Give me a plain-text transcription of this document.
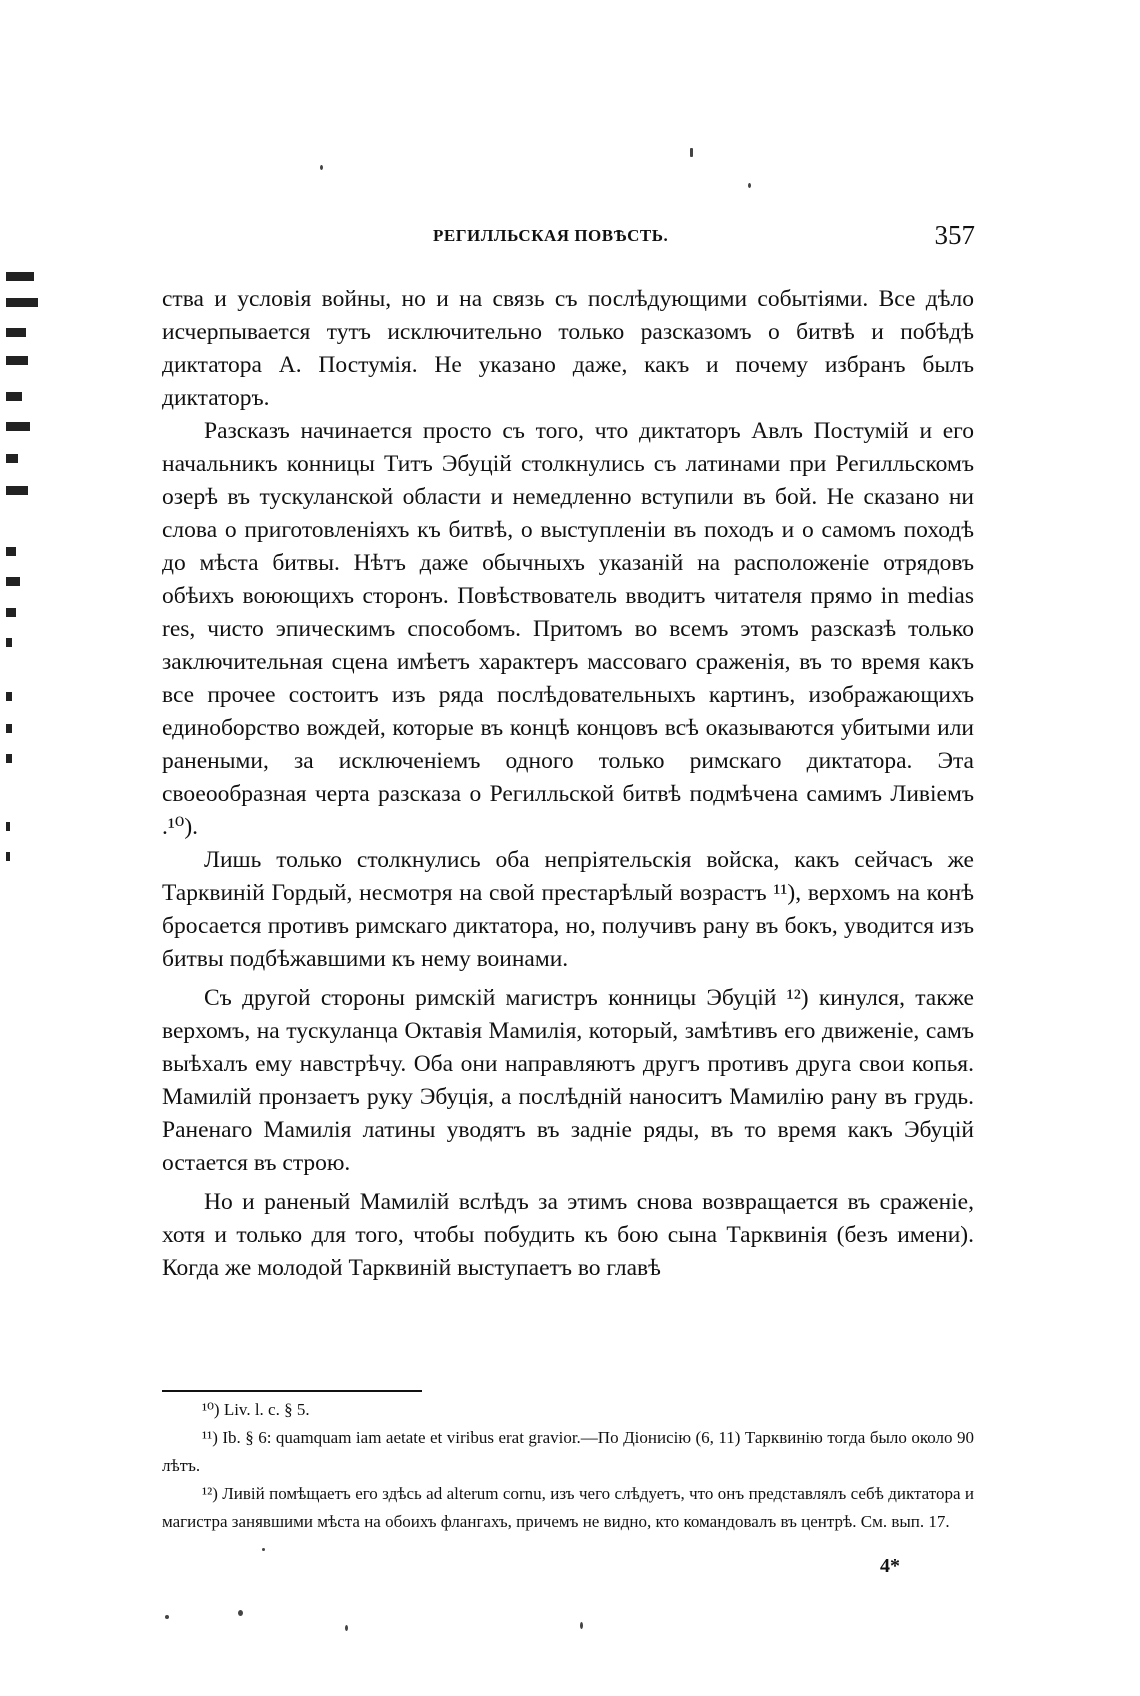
РЕГИЛЛЬСКАЯ ПОВѢСТЬ.	357

ства и условія войны, но и на связь съ послѣдующими событіями. Все дѣло исчерпывается тутъ исключительно только разсказомъ о битвѣ и побѣдѣ диктатора А. Постумія. Не указано даже, какъ и почему избранъ былъ диктаторъ.

Разсказъ начинается просто съ того, что диктаторъ Авлъ Постумій и его начальникъ конницы Титъ Эбуцій столкнулись съ латинами при Регилльскомъ озерѣ въ тускуланской области и немедленно вступили въ бой. Не сказано ни слова о приготовленіяхъ къ битвѣ, о выступленіи въ походъ и о самомъ походѣ до мѣста битвы. Нѣтъ даже обычныхъ указаній на расположеніе отрядовъ обѣихъ воюющихъ сторонъ. Повѣствователь вводитъ читателя прямо in medias res, чисто эпическимъ способомъ. Притомъ во всемъ этомъ разсказѣ только заключительная сцена имѣетъ характеръ массоваго сраженія, въ то время какъ все прочее состоитъ изъ ряда послѣдовательныхъ картинъ, изображающихъ единоборство вождей, которые въ концѣ концовъ всѣ оказываются убитыми или ранеными, за исключеніемъ одного только римскаго диктатора. Эта своеообразная черта разсказа о Регилльской битвѣ подмѣчена самимъ Ливіемъ .¹⁰).

Лишь только столкнулись оба непріятельскія войска, какъ сейчасъ же Тарквиній Гордый, несмотря на свой престарѣлый возрастъ ¹¹), верхомъ на конѣ бросается противъ римскаго диктатора, но, получивъ рану въ бокъ, уводится изъ битвы подбѣжавшими къ нему воинами.

Съ другой стороны римскій магистръ конницы Эбуцій ¹²) кинулся, также верхомъ, на тускуланца Октавія Мамилія, который, замѣтивъ его движеніе, самъ выѣхалъ ему навстрѣчу. Оба они направляютъ другъ противъ друга свои копья. Мамилій пронзаетъ руку Эбуція, а послѣдній наноситъ Мамилію рану въ грудь. Раненаго Мамилія латины уводятъ въ задніе ряды, въ то время какъ Эбуцій остается въ строю.

Но и раненый Мамилій вслѣдъ за этимъ снова возвращается въ сраженіе, хотя и только для того, чтобы побудить къ бою сына Тарквинія (безъ имени). Когда же молодой Тарквиній выступаетъ во главѣ

¹⁰) Liv. l. c. § 5.

¹¹) Ib. § 6: quamquam iam aetate et viribus erat gravior.—По Діонисію (6, 11) Тарквинію тогда было около 90 лѣтъ.

¹²) Ливій помѣщаетъ его здѣсь ad alterum cornu, изъ чего слѣдуетъ, что онъ представлялъ себѣ диктатора и магистра занявшими мѣста на обоихъ флангахъ, причемъ не видно, кто командовалъ въ центрѣ. См. вып. 17.

4*
